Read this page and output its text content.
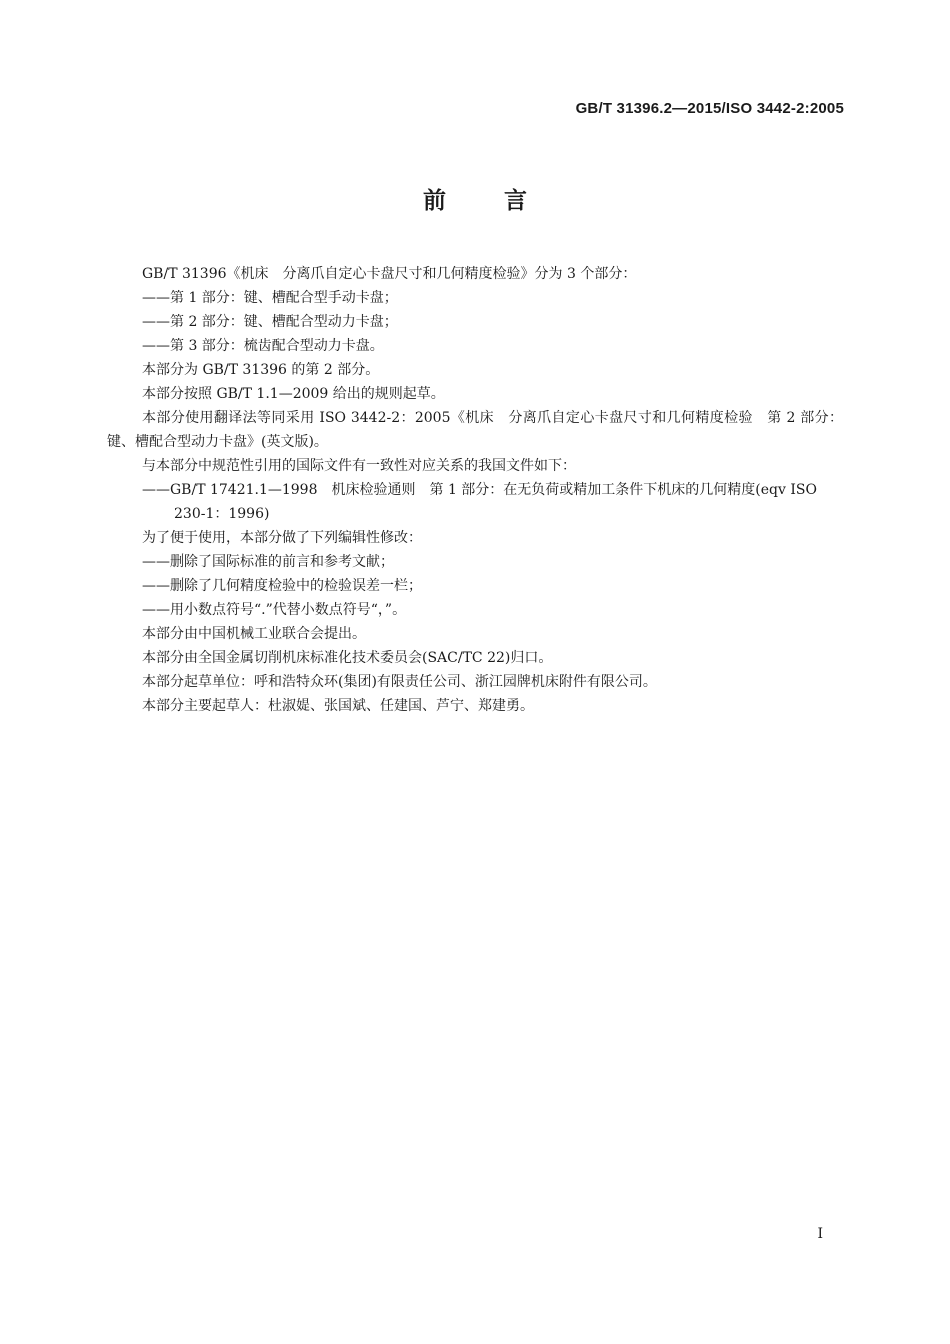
GB/T 31396.2—2015/ISO 3442-2:2005
前言

GB/T 31396《机床　分离爪自定心卡盘尺寸和几何精度检验》分为 3 个部分：

——第 1 部分：键、槽配合型手动卡盘；

——第 2 部分：键、槽配合型动力卡盘；

——第 3 部分：梳齿配合型动力卡盘。

本部分为 GB/T 31396 的第 2 部分。

本部分按照 GB/T 1.1—2009 给出的规则起草。

本部分使用翻译法等同采用 ISO 3442-2：2005《机床　分离爪自定心卡盘尺寸和几何精度检验　第 2 部分：键、槽配合型动力卡盘》(英文版)。

与本部分中规范性引用的国际文件有一致性对应关系的我国文件如下：

——GB/T 17421.1—1998　机床检验通则　第 1 部分：在无负荷或精加工条件下机床的几何精度(eqv ISO 230-1：1996)

为了便于使用，本部分做了下列编辑性修改：

——删除了国际标准的前言和参考文献；

——删除了几何精度检验中的检验误差一栏；

——用小数点符号“.”代替小数点符号“，”。

本部分由中国机械工业联合会提出。

本部分由全国金属切削机床标准化技术委员会(SAC/TC 22)归口。

本部分起草单位：呼和浩特众环(集团)有限责任公司、浙江园牌机床附件有限公司。

本部分主要起草人：杜淑媞、张国斌、任建国、芦宁、郑建勇。

I
